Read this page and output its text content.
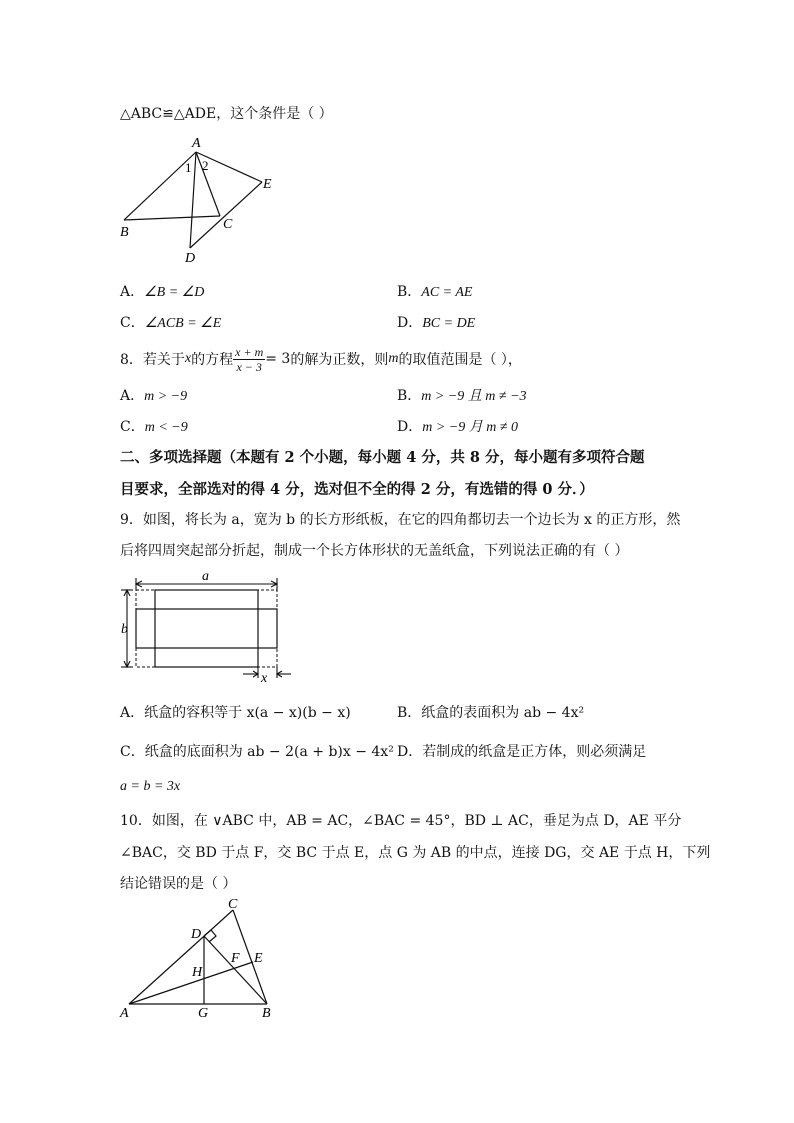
△ABC≌△ADE，这个条件是（ ）
A
1 2
E
B
C
D
A．∠B = ∠D	B．AC = AE
C．∠ACB = ∠E	D．BC = DE
8．若关于 x 的方程 $\frac{x + m}{x - 3} = 3$ 的解为正数，则 m 的取值范围是（ ），
A．m > −9	B．m > −9 且 m ≠ −3
C．m < −9	D．m > −9 月 m ≠ 0
二、多项选择题（本题有 2 个小题，每小题 4 分，共 8 分，每小题有多项符合题
目要求，全部选对的得 4 分，选对但不全的得 2 分，有选错的得 0 分．）
9．如图，将长为 a，宽为 b 的长方形纸板，在它的四角都切去一个边长为 x 的正方形，然
后将四周突起部分折起，制成一个长方体形状的无盖纸盒，下列说法正确的有（ ）
a
b
x
A．纸盒的容积等于 x(a − x)(b − x)	B．纸盒的表面积为 ab − 4x²
C．纸盒的底面积为 ab − 2(a + b)x − 4x² D．若制成的纸盒是正方体，则必须满足
a = b = 3x
10．如图，在 ∨ABC 中，AB = AC，∠BAC = 45°，BD ⊥ AC，垂足为点 D，AE 平分
∠BAC，交 BD 于点 F，交 BC 于点 E，点 G 为 AB 的中点，连接 DG，交 AE 于点 H，下列
结论错误的是（ ）
C
D
F E
H
A	G	B
